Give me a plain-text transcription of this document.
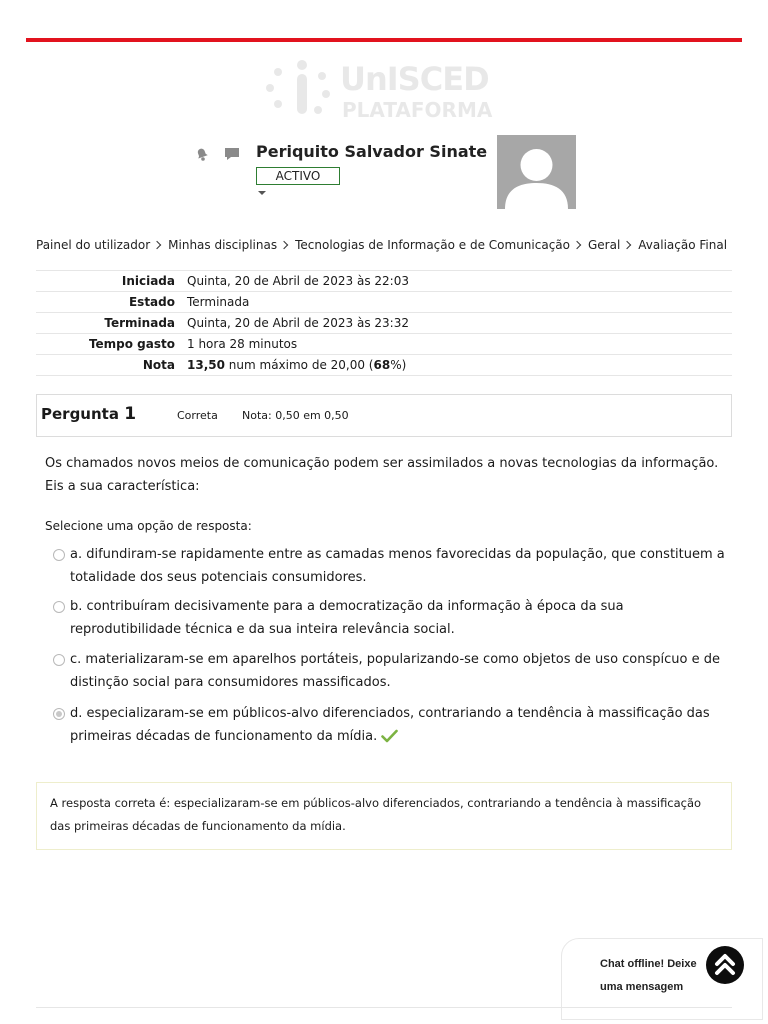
UnISCED
PLATAFORMA
Periquito Salvador Sinate
ACTIVO
Painel do utilizador Minhas disciplinas Tecnologias de Informação e de Comunicação Geral Avaliação Final
Iniciada Quinta, 20 de Abril de 2023 às 22:03
Estado Terminada
Terminada Quinta, 20 de Abril de 2023 às 23:32
Tempo gasto 1 hora 28 minutos
Nota 13,50 num máximo de 20,00 (68%)
Pergunta 1	Correta Nota: 0,50 em 0,50
Os chamados novos meios de comunicação podem ser assimilados a novas tecnologias da informação. Eis a sua característica:
Selecione uma opção de resposta:
a. difundiram-se rapidamente entre as camadas menos favorecidas da população, que constituem a totalidade dos seus potenciais consumidores.
b. contribuíram decisivamente para a democratização da informação à época da sua reprodutibilidade técnica e da sua inteira relevância social.
c. materializaram-se em aparelhos portáteis, popularizando-se como objetos de uso conspícuo e de distinção social para consumidores massificados.
d. especializaram-se em públicos-alvo diferenciados, contrariando a tendência à massificação das primeiras décadas de funcionamento da mídia.
A resposta correta é: especializaram-se em públicos-alvo diferenciados, contrariando a tendência à massificação das primeiras décadas de funcionamento da mídia.
Chat offline! Deixe uma mensagem
